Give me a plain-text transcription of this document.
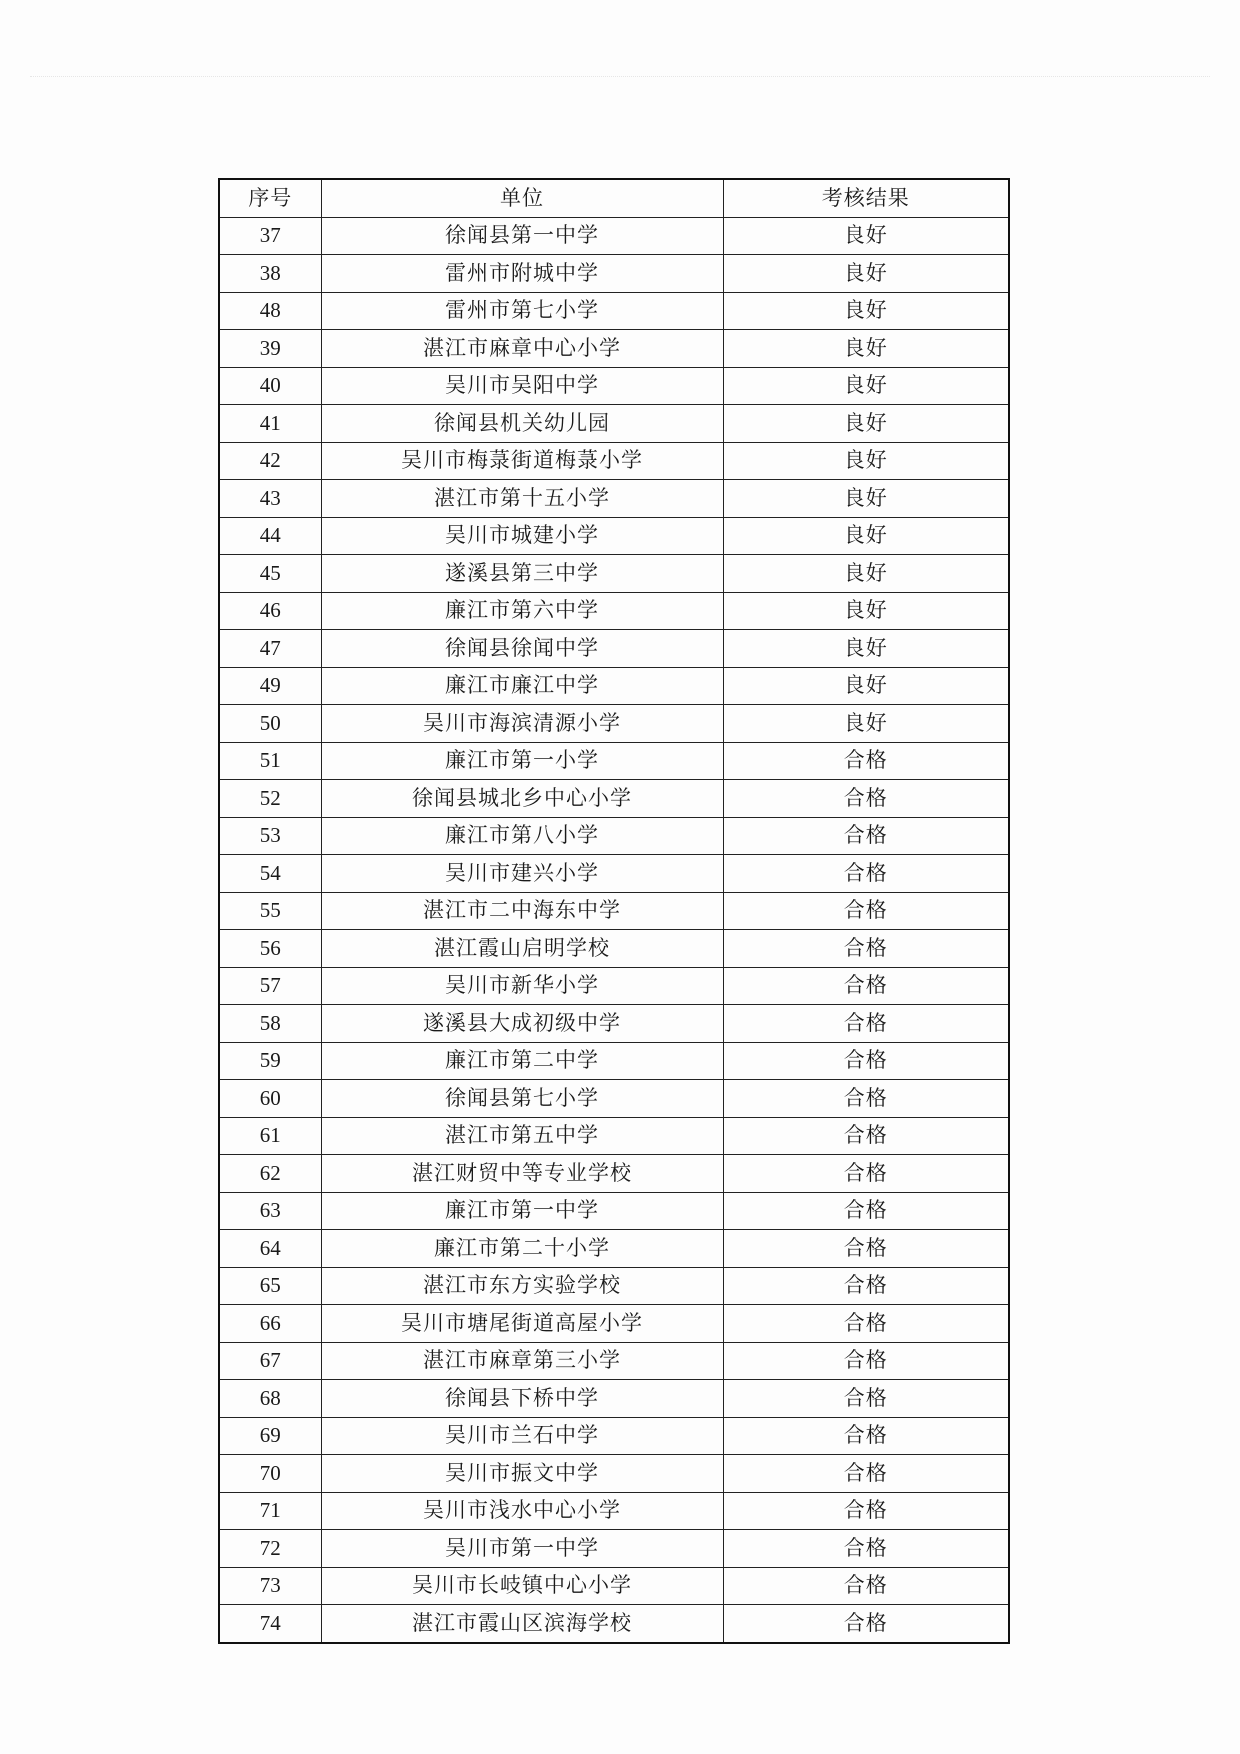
序号	单位	考核结果
37	徐闻县第一中学	良好
38	雷州市附城中学	良好
48	雷州市第七小学	良好
39	湛江市麻章中心小学	良好
40	吴川市吴阳中学	良好
41	徐闻县机关幼儿园	良好
42	吴川市梅菉街道梅菉小学	良好
43	湛江市第十五小学	良好
44	吴川市城建小学	良好
45	遂溪县第三中学	良好
46	廉江市第六中学	良好
47	徐闻县徐闻中学	良好
49	廉江市廉江中学	良好
50	吴川市海滨清源小学	良好
51	廉江市第一小学	合格
52	徐闻县城北乡中心小学	合格
53	廉江市第八小学	合格
54	吴川市建兴小学	合格
55	湛江市二中海东中学	合格
56	湛江霞山启明学校	合格
57	吴川市新华小学	合格
58	遂溪县大成初级中学	合格
59	廉江市第二中学	合格
60	徐闻县第七小学	合格
61	湛江市第五中学	合格
62	湛江财贸中等专业学校	合格
63	廉江市第一中学	合格
64	廉江市第二十小学	合格
65	湛江市东方实验学校	合格
66	吴川市塘尾街道高屋小学	合格
67	湛江市麻章第三小学	合格
68	徐闻县下桥中学	合格
69	吴川市兰石中学	合格
70	吴川市振文中学	合格
71	吴川市浅水中心小学	合格
72	吴川市第一中学	合格
73	吴川市长岐镇中心小学	合格
74	湛江市霞山区滨海学校	合格
